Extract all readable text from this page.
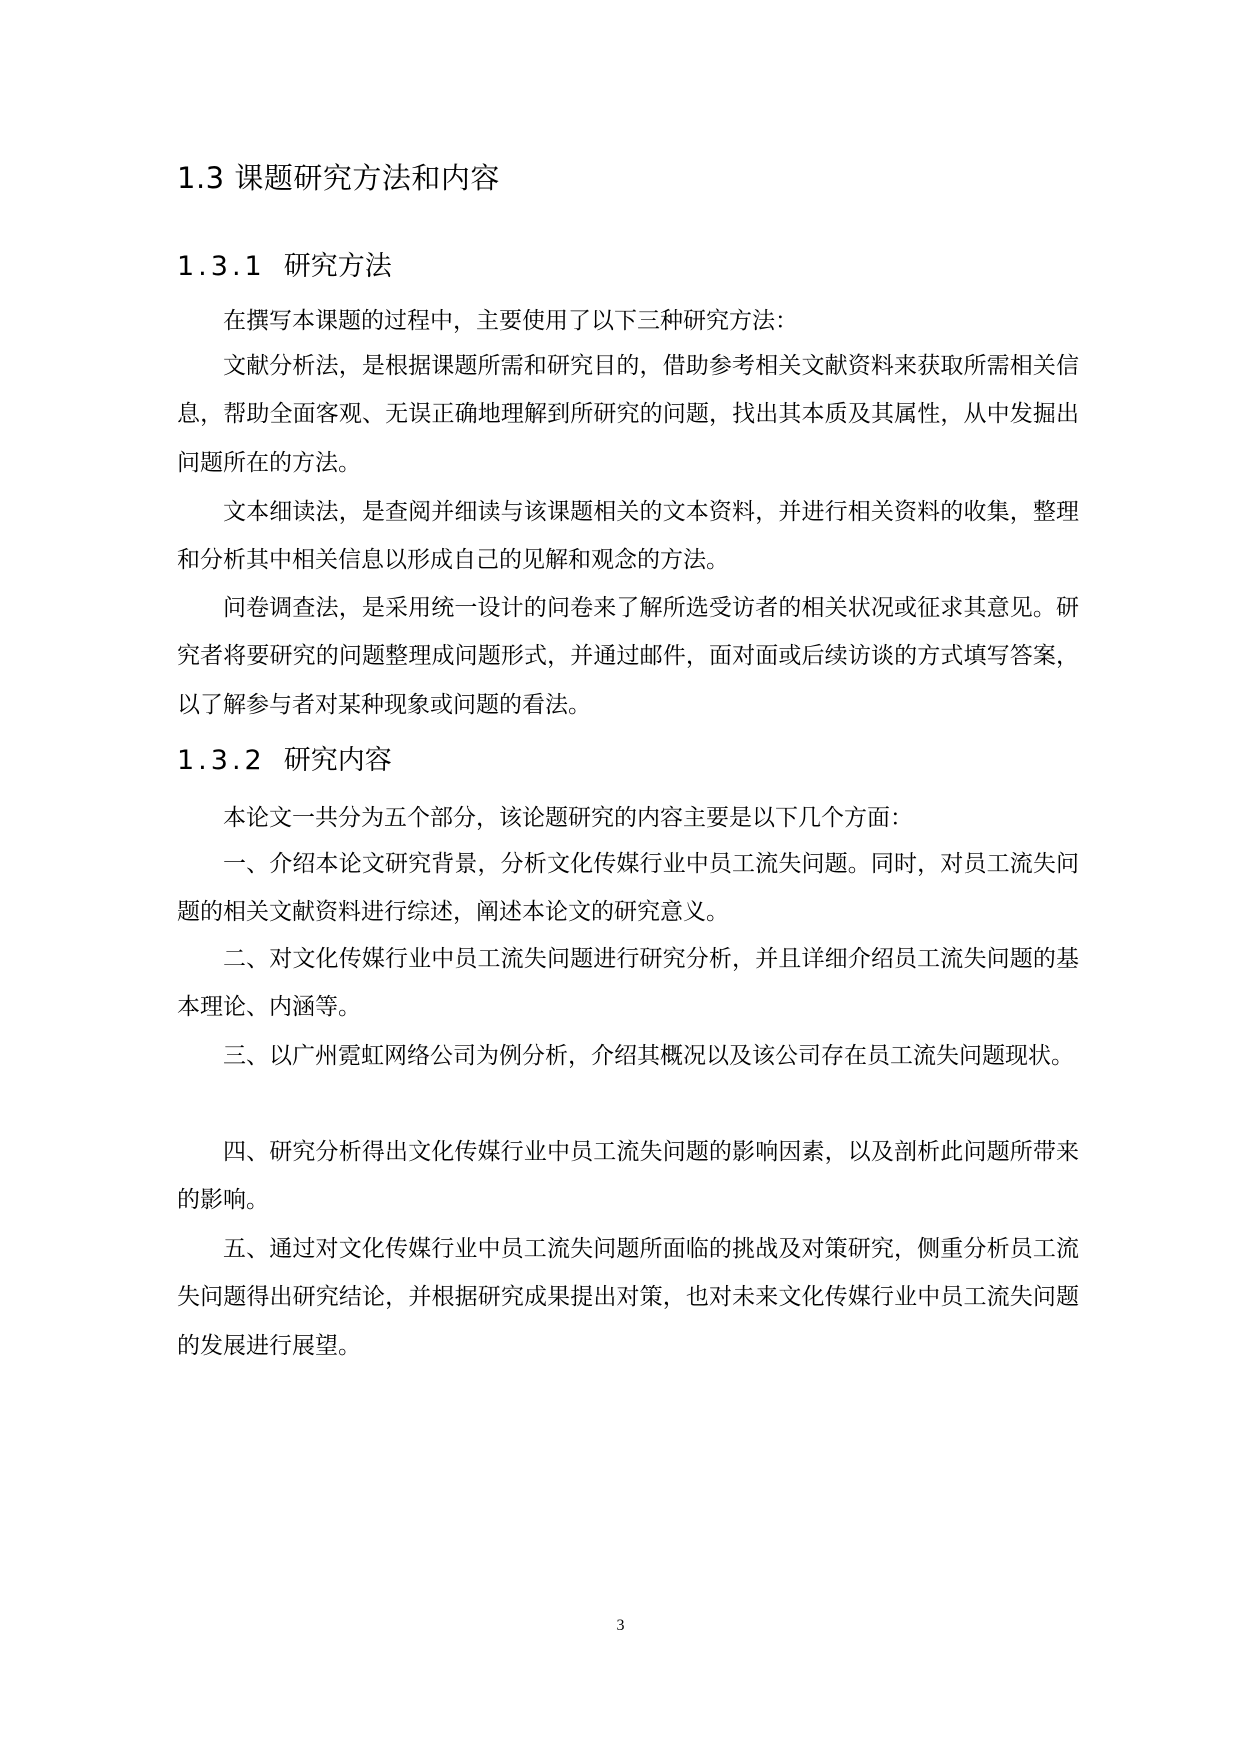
1.3 课题研究方法和内容
1.3.1 研究方法

在撰写本课题的过程中，主要使用了以下三种研究方法：

文献分析法，是根据课题所需和研究目的，借助参考相关文献资料来获取所需相关信息，帮助全面客观、无误正确地理解到所研究的问题，找出其本质及其属性，从中发掘出问题所在的方法。

文本细读法，是查阅并细读与该课题相关的文本资料，并进行相关资料的收集，整理和分析其中相关信息以形成自己的见解和观念的方法。

问卷调查法，是采用统一设计的问卷来了解所选受访者的相关状况或征求其意见。研究者将要研究的问题整理成问题形式，并通过邮件，面对面或后续访谈的方式填写答案，以了解参与者对某种现象或问题的看法。

1.3.2 研究内容

本论文一共分为五个部分，该论题研究的内容主要是以下几个方面：

一、介绍本论文研究背景，分析文化传媒行业中员工流失问题。同时，对员工流失问题的相关文献资料进行综述，阐述本论文的研究意义。

二、对文化传媒行业中员工流失问题进行研究分析，并且详细介绍员工流失问题的基本理论、内涵等。

三、以广州霓虹网络公司为例分析，介绍其概况以及该公司存在员工流失问题现状。

四、研究分析得出文化传媒行业中员工流失问题的影响因素，以及剖析此问题所带来的影响。

五、通过对文化传媒行业中员工流失问题所面临的挑战及对策研究，侧重分析员工流失问题得出研究结论，并根据研究成果提出对策，也对未来文化传媒行业中员工流失问题的发展进行展望。

3
